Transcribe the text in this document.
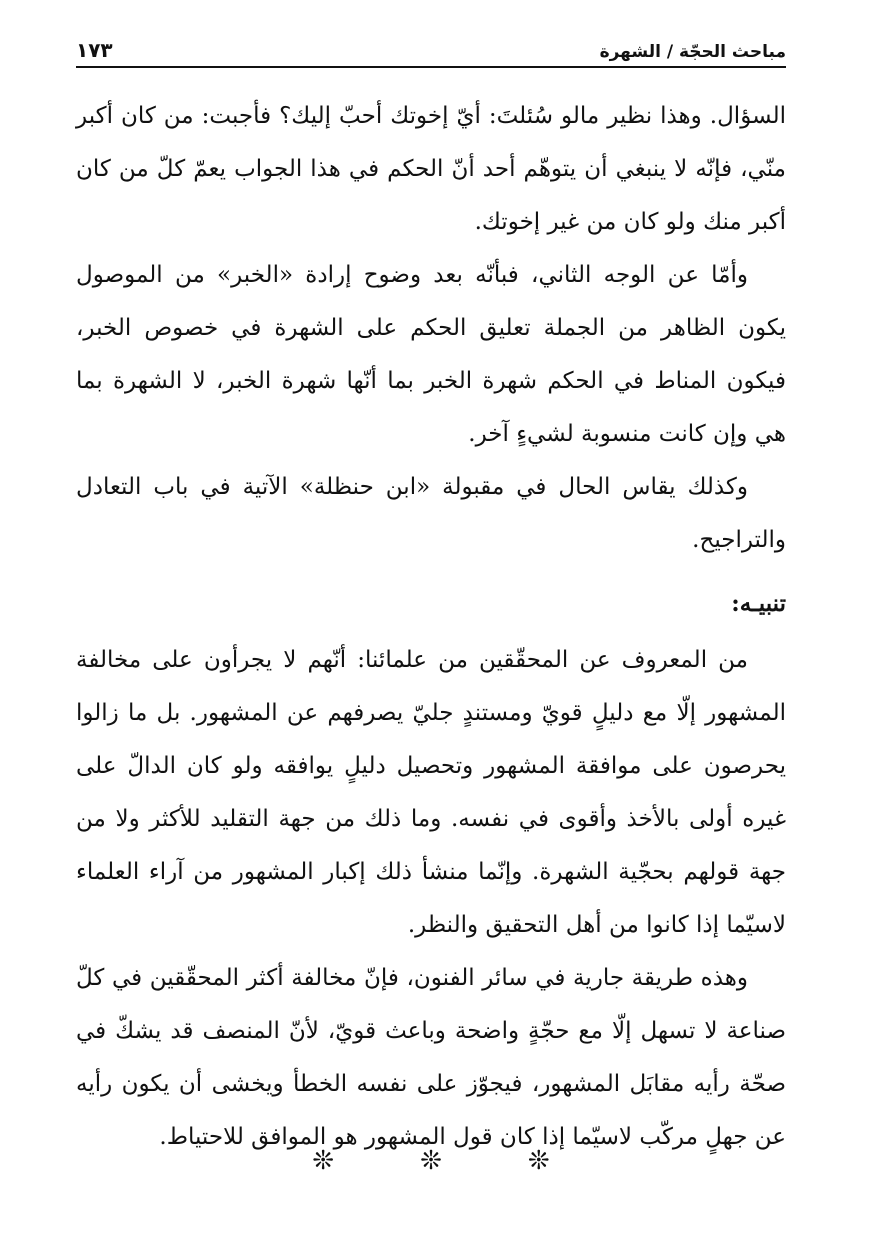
مباحث الحجّة / الشهرة
١٧٣

السؤال. وهذا نظير مالو سُئلتَ: أيّ إخوتك أحبّ إليك؟ فأجبت: من كان أكبر منّي، فإنّه لا ينبغي أن يتوهّم أحد أنّ الحكم في هذا الجواب يعمّ كلّ من كان أكبر منك ولو كان من غير إخوتك.

وأمّا عن الوجه الثاني، فبأنّه بعد وضوح إرادة «الخبر» من الموصول يكون الظاهر من الجملة تعليق الحكم على الشهرة في خصوص الخبر، فيكون المناط في الحكم شهرة الخبر بما أنّها شهرة الخبر، لا الشهرة بما هي وإن كانت منسوبة لشيءٍ آخر.

وكذلك يقاس الحال في مقبولة «ابن حنظلة» الآتية في باب التعادل والتراجيح.

تنبيـه:

من المعروف عن المحقّقين من علمائنا: أنّهم لا يجرأون على مخالفة المشهور إلّا مع دليلٍ قويّ ومستندٍ جليّ يصرفهم عن المشهور. بل ما زالوا يحرصون على موافقة المشهور وتحصيل دليلٍ يوافقه ولو كان الدالّ على غيره أولى بالأخذ وأقوى في نفسه. وما ذلك من جهة التقليد للأكثر ولا من جهة قولهم بحجّية الشهرة. وإنّما منشأ ذلك إكبار المشهور من آراء العلماء لاسيّما إذا كانوا من أهل التحقيق والنظر.

وهذه طريقة جارية في سائر الفنون، فإنّ مخالفة أكثر المحقّقين في كلّ صناعة لا تسهل إلّا مع حجّةٍ واضحة وباعث قويّ، لأنّ المنصف قد يشكّ في صحّة رأيه مقابَل المشهور، فيجوّز على نفسه الخطأ ويخشى أن يكون رأيه عن جهلٍ مركّب لاسيّما إذا كان قول المشهور هو الموافق للاحتياط.

❊	❊	❊
